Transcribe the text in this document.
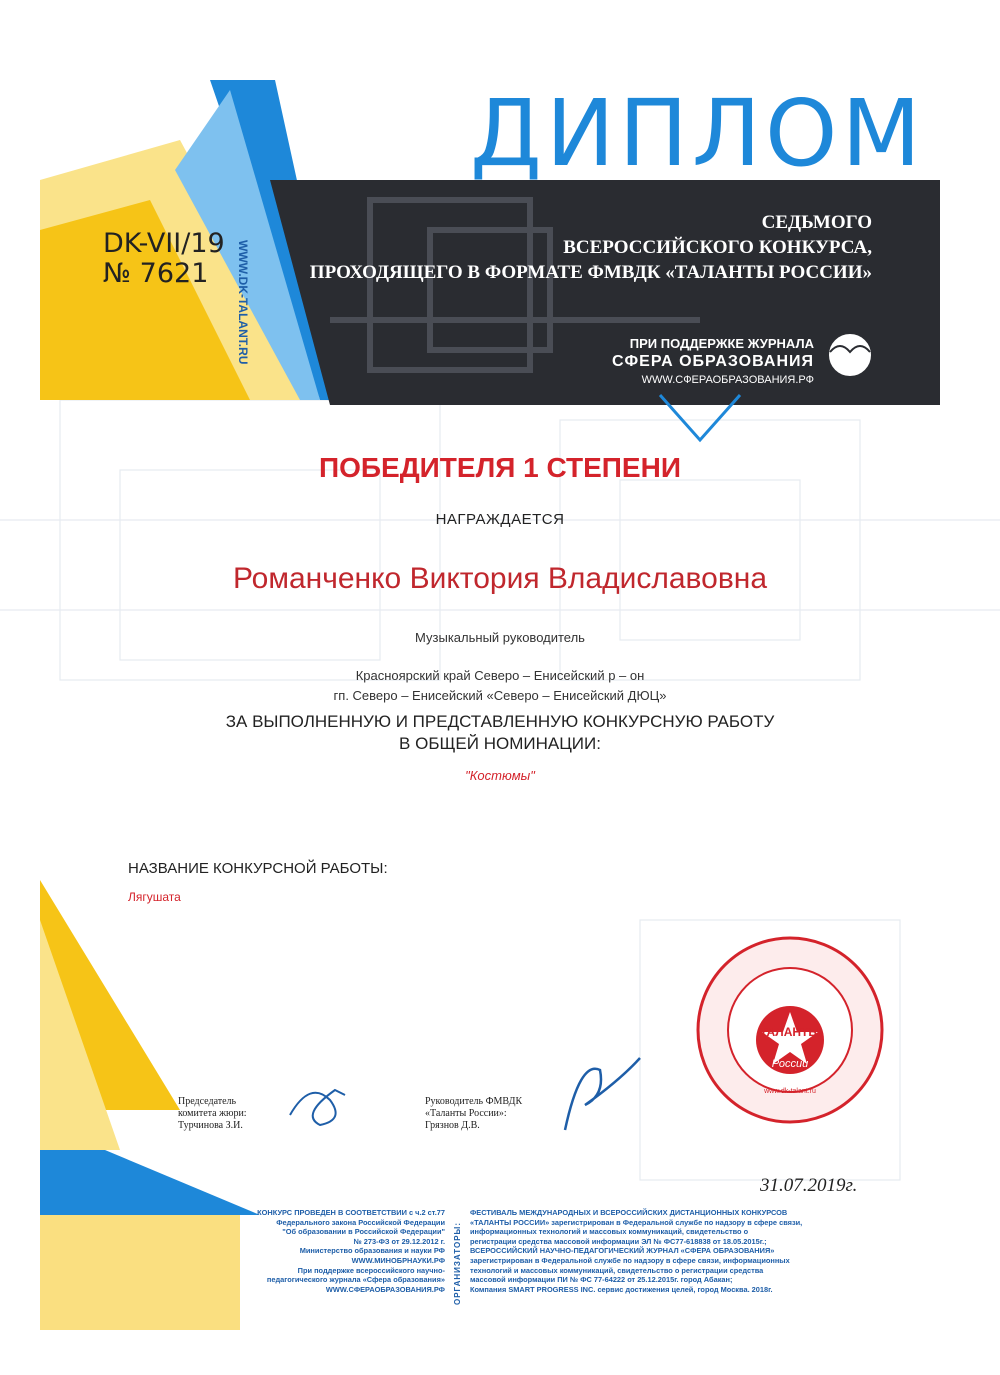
ДИПЛОМ
СЕДЬМОГО
ВСЕРОССИЙСКОГО КОНКУРСА,
ПРОХОДЯЩЕГО В ФОРМАТЕ ФМВДК «ТАЛАНТЫ РОССИИ»
ПРИ ПОДДЕРЖКЕ ЖУРНАЛА
СФЕРА ОБРАЗОВАНИЯ
WWW.СФЕРАОБРАЗОВАНИЯ.РФ
DK-VII/19
№ 7621 WWW.DK-TALANT.RU
ПОБЕДИТЕЛЯ 1 СТЕПЕНИ
НАГРАЖДАЕТСЯ
Романченко Виктория Владиславовна
Музыкальный руководитель
Красноярский край Северо – Енисейский р – он
гп. Северо – Енисейский «Северо – Енисейский ДЮЦ»
ЗА ВЫПОЛНЕННУЮ И ПРЕДСТАВЛЕННУЮ КОНКУРСНУЮ РАБОТУ
В ОБЩЕЙ НОМИНАЦИИ:
"Костюмы"
НАЗВАНИЕ КОНКУРСНОЙ РАБОТЫ:
Лягушата
Председатель
комитета жюри:
Турчинова З.И.
Руководитель ФМВДК
«Таланты России»:
Грязнов Д.В.
ТАЛАНТЫ
России
www.dk-talant.ru
31.07.2019г.
КОНКУРС ПРОВЕДЕН В СООТВЕТСТВИИ с ч.2 ст.77
Федерального закона Российской Федерации
"Об образовании в Российской Федерации"
№ 273-ФЗ от 29.12.2012 г.
Министерство образования и науки РФ
WWW.МИНОБРНАУКИ.РФ
При поддержке всероссийского научно-
педагогического журнала «Сфера образования»
WWW.СФЕРАОБРАЗОВАНИЯ.РФ ОРГАНИЗАТОРЫ:
ФЕСТИВАЛЬ МЕЖДУНАРОДНЫХ И ВСЕРОССИЙСКИХ ДИСТАНЦИОННЫХ КОНКУРСОВ
«ТАЛАНТЫ РОССИИ» зарегистрирован в Федеральной службе по надзору в сфере связи,
информационных технологий и массовых коммуникаций, свидетельство о
регистрации средства массовой информации ЭЛ № ФС77-618838 от 18.05.2015г.;
ВСЕРОССИЙСКИЙ НАУЧНО-ПЕДАГОГИЧЕСКИЙ ЖУРНАЛ «СФЕРА ОБРАЗОВАНИЯ»
зарегистрирован в Федеральной службе по надзору в сфере связи, информационных
технологий и массовых коммуникаций, свидетельство о регистрации средства
массовой информации ПИ № ФС 77-64222 от 25.12.2015г. город Абакан;
Компания SMART PROGRESS INC. сервис достижения целей, город Москва. 2018г.
